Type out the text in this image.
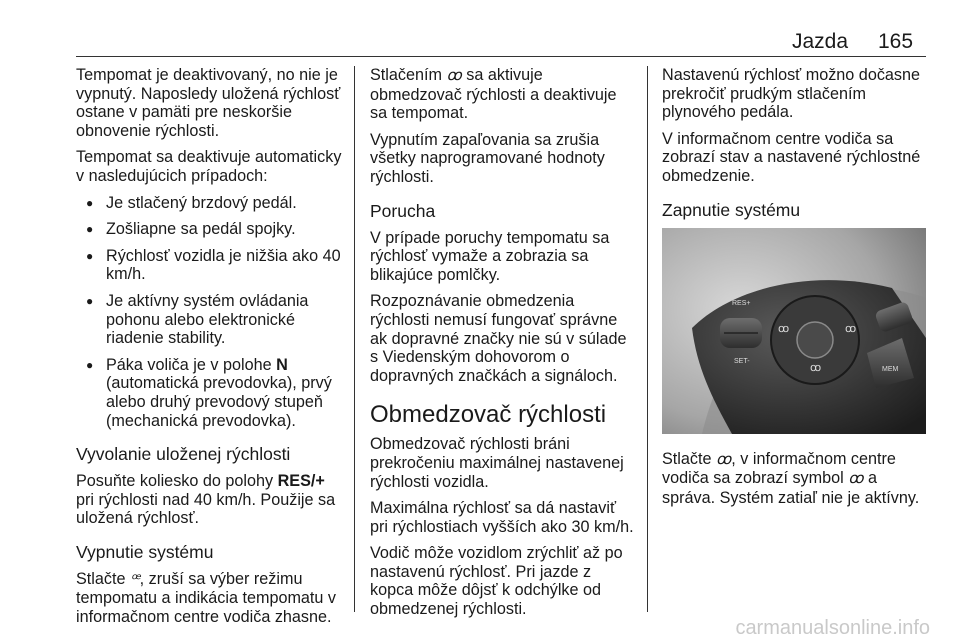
Jazda 165

Tempomat je deaktivovaný, no nie je vypnutý. Naposledy uložená rýchlosť ostane v pamäti pre neskoršie obnovenie rýchlosti.

Tempomat sa deaktivuje automaticky v nasledujúcich prípadoch:

● Je stlačený brzdový pedál.
● Zošliapne sa pedál spojky.
● Rýchlosť vozidla je nižšia ako 40 km/h.
● Je aktívny systém ovládania pohonu alebo elektronické riadenie stability.
● Páka voliča je v polohe N (automatická prevodovka), prvý alebo druhý prevodový stupeň (mechanická prevodovka).
Vyvolanie uloženej rýchlosti

Posuňte koliesko do polohy RES/+ pri rýchlosti nad 40 km/h. Použije sa uložená rýchlosť.

Vypnutie systému

Stlačte ꟹ, zruší sa výber režimu tempomatu a indikácia tempomatu v informačnom centre vodiča zhasne.

Stlačením ꝏ sa aktivuje obmedzovač rýchlosti a deaktivuje sa tempomat.

Vypnutím zapaľovania sa zrušia všetky naprogramované hodnoty rýchlosti.

Porucha

V prípade poruchy tempomatu sa rýchlosť vymaže a zobrazia sa blikajúce pomlčky.

Rozpoznávanie obmedzenia rýchlosti nemusí fungovať správne ak dopravné značky nie sú v súlade s Viedenským dohovorom o dopravných značkách a signáloch.

Obmedzovač rýchlosti

Obmedzovač rýchlosti bráni prekročeniu maximálnej nastavenej rýchlosti vozidla.

Maximálna rýchlosť sa dá nastaviť pri rýchlostiach vyšších ako 30 km/h.

Vodič môže vozidlom zrýchliť až po nastavenú rýchlosť. Pri jazde z kopca môže dôjsť k odchýlke od obmedzenej rýchlosti.

Nastavenú rýchlosť možno dočasne prekročiť prudkým stlačením plynového pedála.

V informačnom centre vodiča sa zobrazí stav a nastavené rýchlostné obmedzenie.

Zapnutie systému
RES+
SET-
ꝏ	ꝏ
ꝏ	MEM

Stlačte ꝏ, v informačnom centre vodiča sa zobrazí symbol ꝏ a správa. Systém zatiaľ nie je aktívny.

carmanualsonline.info
